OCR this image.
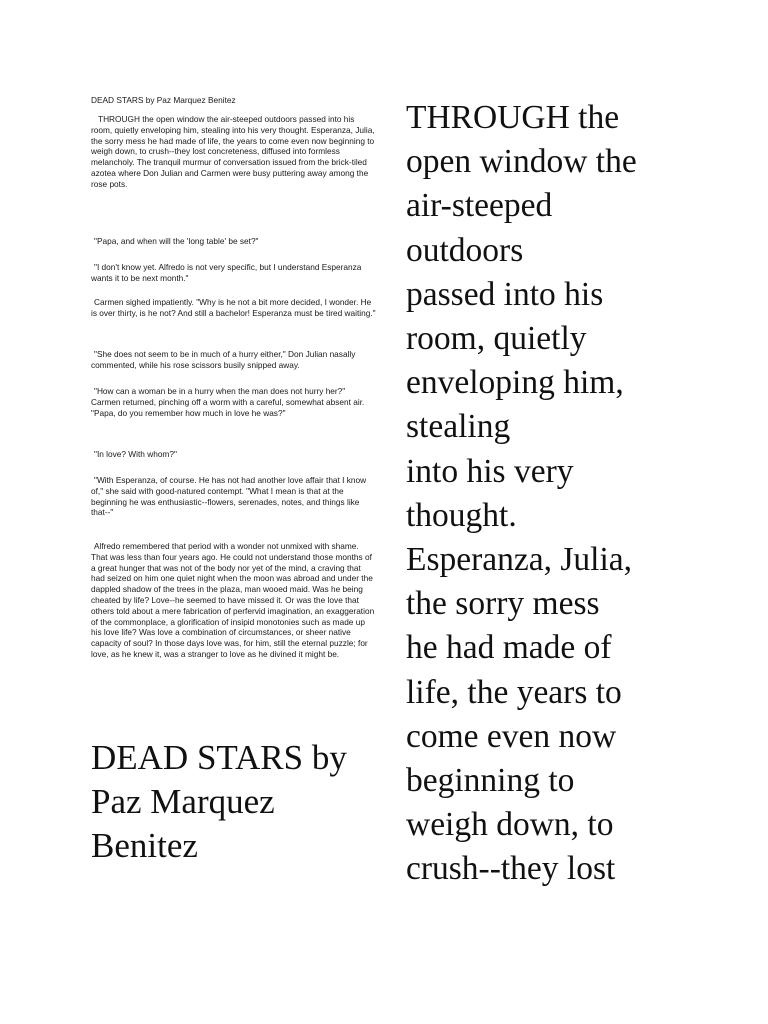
DEAD STARS by Paz Marquez Benitez

THROUGH the open window the air-steeped outdoors passed into his room, quietly enveloping him, stealing into his very thought. Esperanza, Julia, the sorry mess he had made of life, the years to come even now beginning to weigh down, to crush--they lost concreteness, diffused into formless melancholy. The tranquil murmur of conversation issued from the brick-tiled azotea where Don Julian and Carmen were busy puttering away among the rose pots.

"Papa, and when will the 'long table' be set?"

"I don't know yet. Alfredo is not very specific, but I understand Esperanza wants it to be next month."

Carmen sighed impatiently. "Why is he not a bit more decided, I wonder. He is over thirty, is he not? And still a bachelor! Esperanza must be tired waiting."

"She does not seem to be in much of a hurry either," Don Julian nasally commented, while his rose scissors busily snipped away.

"How can a woman be in a hurry when the man does not hurry her?" Carmen returned, pinching off a worm with a careful, somewhat absent air. "Papa, do you remember how much in love he was?"

"In love? With whom?"

"With Esperanza, of course. He has not had another love affair that I know of," she said with good-natured contempt. "What I mean is that at the beginning he was enthusiastic--flowers, serenades, notes, and things like that--"

Alfredo remembered that period with a wonder not unmixed with shame. That was less than four years ago. He could not understand those months of a great hunger that was not of the body nor yet of the mind, a craving that had seized on him one quiet night when the moon was abroad and under the dappled shadow of the trees in the plaza, man wooed maid. Was he being cheated by life? Love--he seemed to have missed it. Or was the love that others told about a mere fabrication of perfervid imagination, an exaggeration of the commonplace, a glorification of insipid monotonies such as made up his love life? Was love a combination of circumstances, or sheer native capacity of soul? In those days love was, for him, still the eternal puzzle; for love, as he knew it, was a stranger to love as he divined it might be.

DEAD STARS by Paz Marquez Benitez
THROUGH the
open window the
air-steeped
outdoors
passed into his
room, quietly
enveloping him,
stealing
into his very
thought.
Esperanza, Julia,
the sorry mess
he had made of
life, the years to
come even now
beginning to
weigh down, to
crush--they lost
